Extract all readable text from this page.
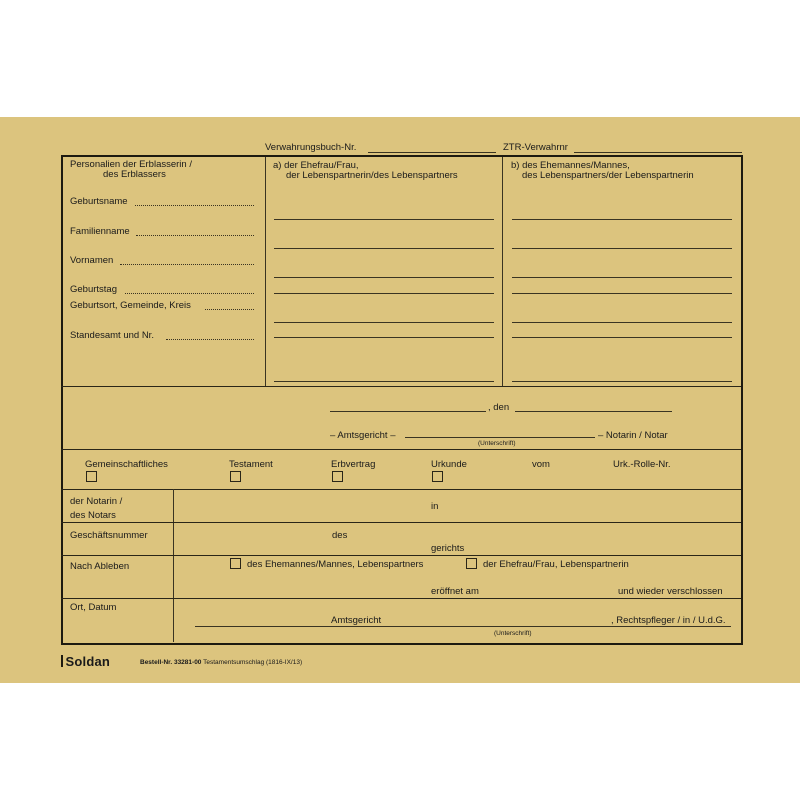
Verwahrungsbuch-Nr.	ZTR-Verwahrnr
Personalien der Erblasserin /
des Erblassers
Geburtsname
Familienname
Vornamen
Geburtstag
Geburtsort, Gemeinde, Kreis
Standesamt und Nr.
a) der Ehefrau/Frau,
der Lebenspartnerin/des Lebenspartners
b) des Ehemannes/Mannes,
des Lebenspartners/der Lebenspartnerin
, den
– Amtsgericht –
(Unterschrift)
– Notarin / Notar
Gemeinschaftliches	Testament	Erbvertrag	Urkunde	vom	Urk.-Rolle-Nr.
der Notarin /
des Notars
in
Geschäftsnummer	des
gerichts
Nach Ableben	des Ehemannes/Mannes, Lebenspartners	der Ehefrau/Frau, Lebenspartnerin
eröffnet am	und wieder verschlossen
Ort, Datum
Amtsgericht	, Rechtspfleger / in / U.d.G.
(Unterschrift)
Soldan	Bestell-Nr. 33281-00 Testamentsumschlag (1816-IX/13)
